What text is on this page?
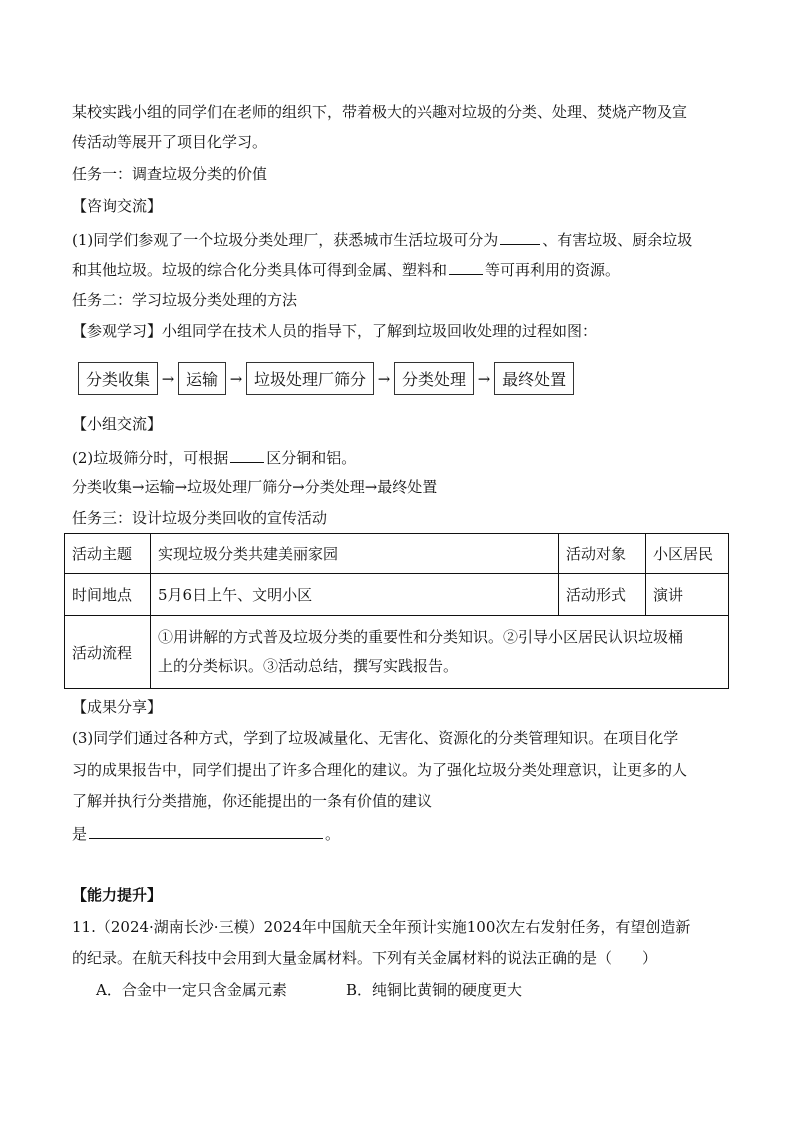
某校实践小组的同学们在老师的组织下，带着极大的兴趣对垃圾的分类、处理、焚烧产物及宣
传活动等展开了项目化学习。
任务一：调查垃圾分类的价值
【咨询交流】
(1)同学们参观了一个垃圾分类处理厂，获悉城市生活垃圾可分为	、有害垃圾、厨余垃圾
和其他垃圾。垃圾的综合化分类具体可得到金属、塑料和	等可再利用的资源。
任务二：学习垃圾分类处理的方法
【参观学习】小组同学在技术人员的指导下，了解到垃圾回收处理的过程如图：
分类收集 → 运输 → 垃圾处理厂筛分 → 分类处理 → 最终处置
【小组交流】
(2)垃圾筛分时，可根据	区分铜和铝。
分类收集→运输→垃圾处理厂筛分→分类处理→最终处置
任务三：设计垃圾分类回收的宣传活动
活动主题	实现垃圾分类共建美丽家园	活动对象	小区居民
时间地点	5月6日上午、文明小区	活动形式	演讲
活动流程	①用讲解的方式普及垃圾分类的重要性和分类知识。②引导小区居民认识垃圾桶
上的分类标识。③活动总结，撰写实践报告。		
【成果分享】
(3)同学们通过各种方式，学到了垃圾减量化、无害化、资源化的分类管理知识。在项目化学
习的成果报告中，同学们提出了许多合理化的建议。为了强化垃圾分类处理意识，让更多的人
了解并执行分类措施，你还能提出的一条有价值的建议
是	。
【能力提升】
11.（2024·湖南长沙·三模）2024年中国航天全年预计实施100次左右发射任务，有望创造新
的纪录。在航天科技中会用到大量金属材料。下列有关金属材料的说法正确的是（　　）
A．合金中一定只含金属元素	B．纯铜比黄铜的硬度更大
